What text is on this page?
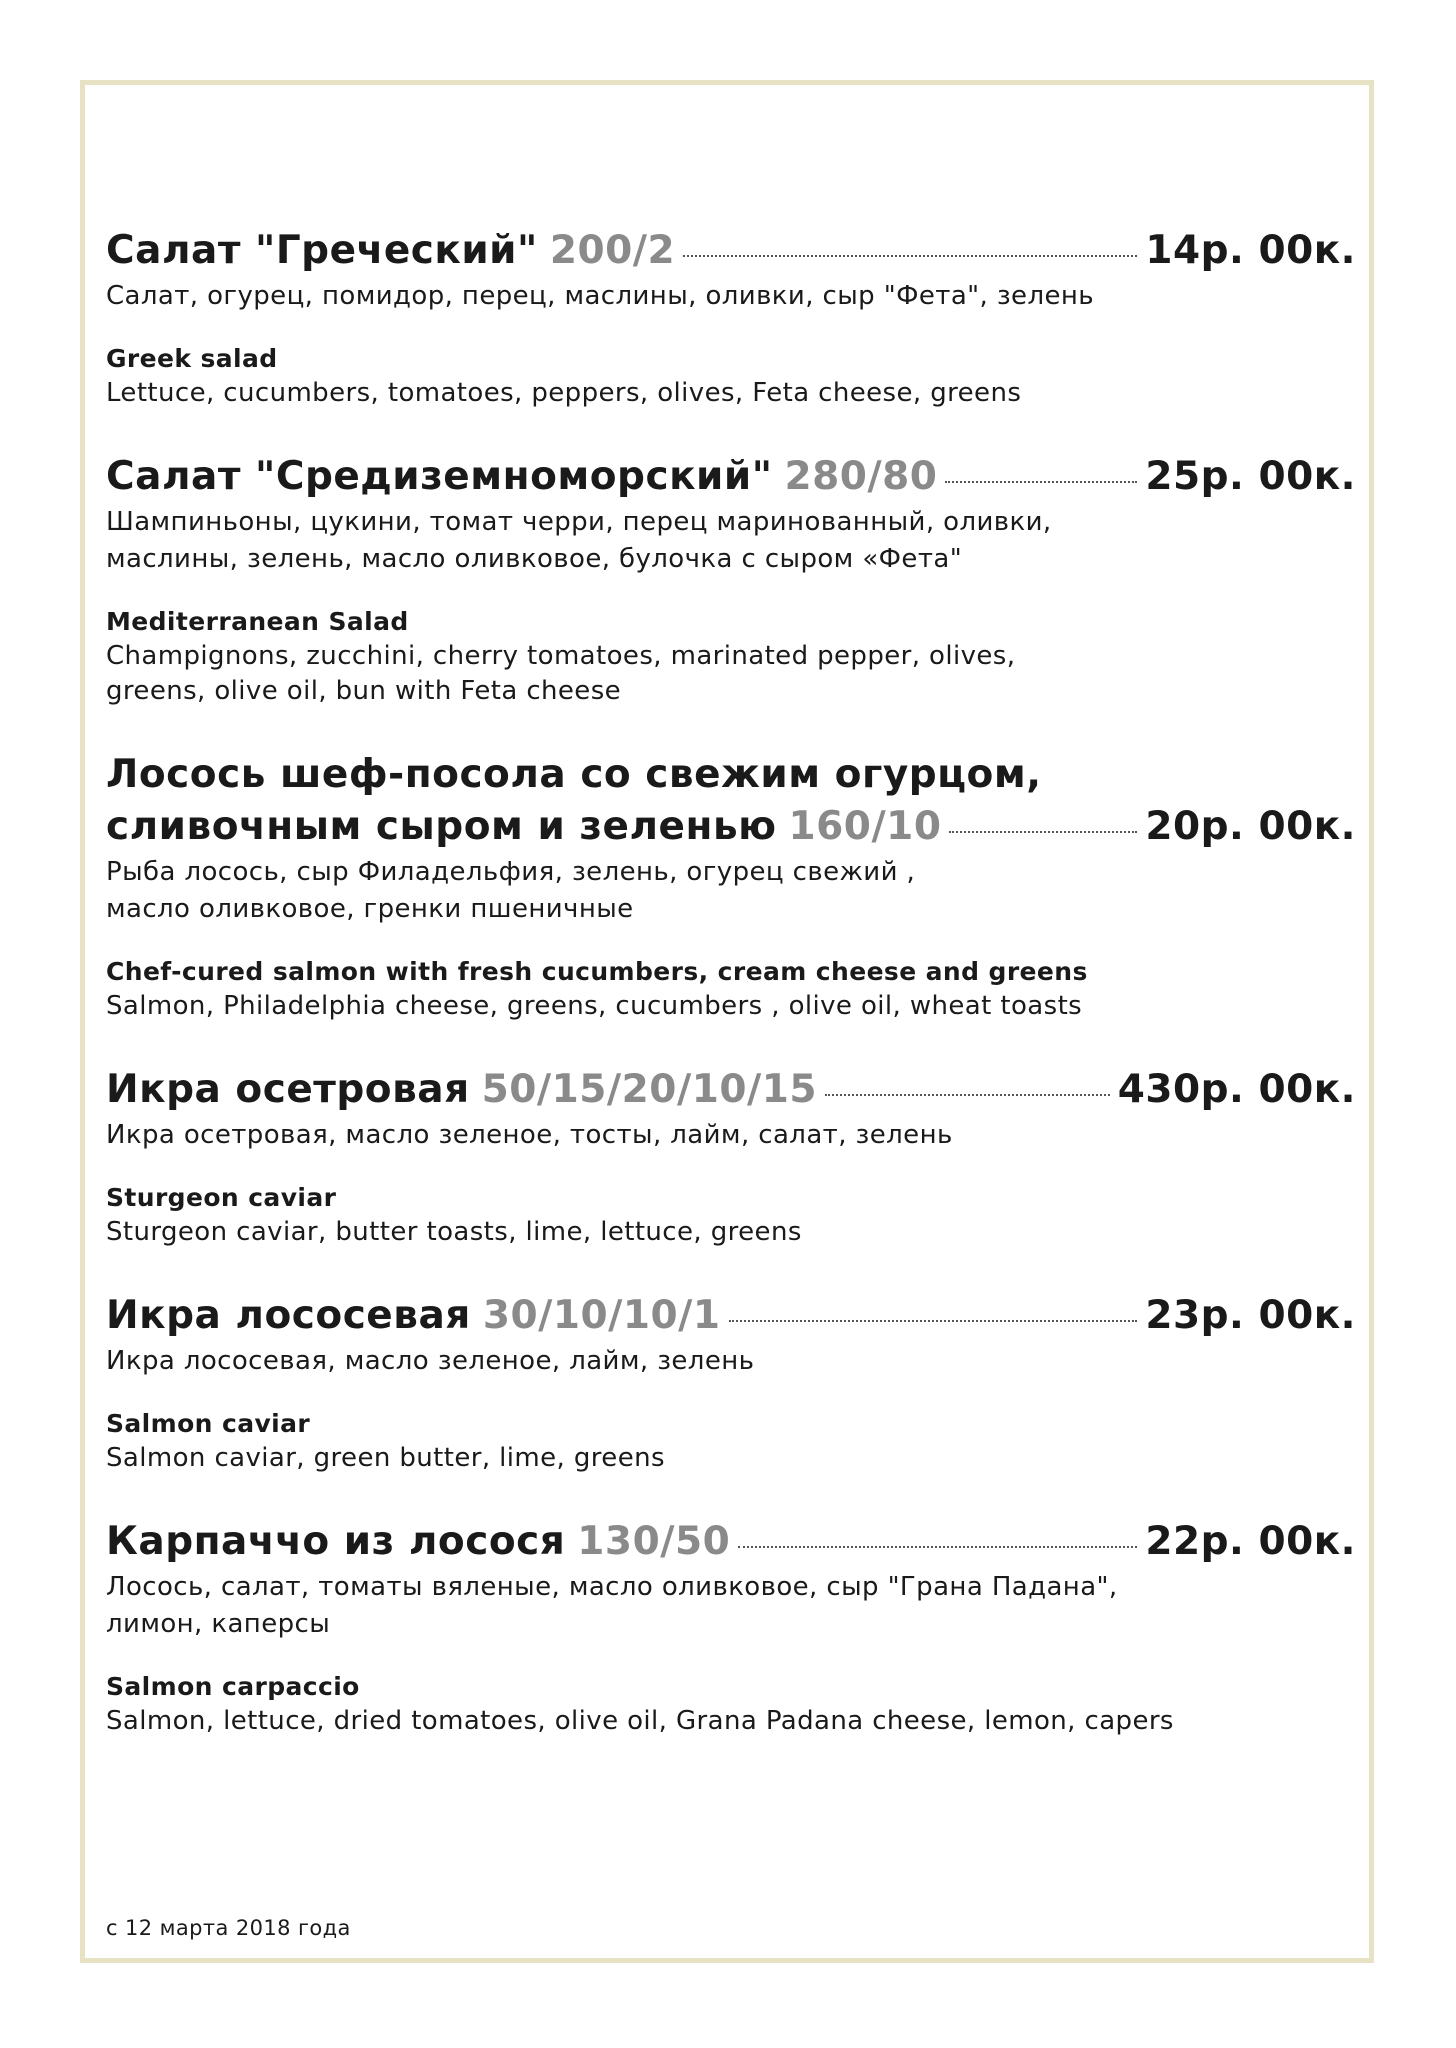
Салат "Греческий" 200/2	14р. 00к.
Салат, огурец, помидор, перец, маслины, оливки, сыр "Фета", зелень
Greek salad
Lettuce, cucumbers, tomatoes, peppers, olives, Feta cheese, greens
Салат "Средиземноморский" 280/80	25р. 00к.
Шампиньоны, цукини, томат черри, перец маринованный, оливки,
маслины, зелень, масло оливковое, булочка с сыром «Фета"
Mediterranean Salad
Champignons, zucchini, cherry tomatoes, marinated pepper, olives,
greens, olive oil, bun with Feta cheese
Лосось шеф-посола со свежим огурцом,
сливочным сыром и зеленью 160/10	20р. 00к.
Рыба лосось, сыр Филадельфия, зелень, огурец свежий ,
масло оливковое, гренки пшеничные
Chef-cured salmon with fresh cucumbers, cream cheese and greens
Salmon, Philadelphia cheese, greens, cucumbers , olive oil, wheat toasts
Икра осетровая 50/15/20/10/15	430р. 00к.
Икра осетровая, масло зеленое, тосты, лайм, салат, зелень
Sturgeon caviar
Sturgeon caviar, butter toasts, lime, lettuce, greens
Икра лососевая 30/10/10/1	23р. 00к.
Икра лососевая, масло зеленое, лайм, зелень
Salmon caviar
Salmon caviar, green butter, lime, greens
Карпаччо из лосося 130/50	22р. 00к.
Лосось, салат, томаты вяленые, масло оливковое, сыр "Грана Падана",
лимон, каперсы
Salmon carpaccio
Salmon, lettuce, dried tomatoes, olive oil, Grana Padana cheese, lemon, capers
с 12 марта 2018 года
